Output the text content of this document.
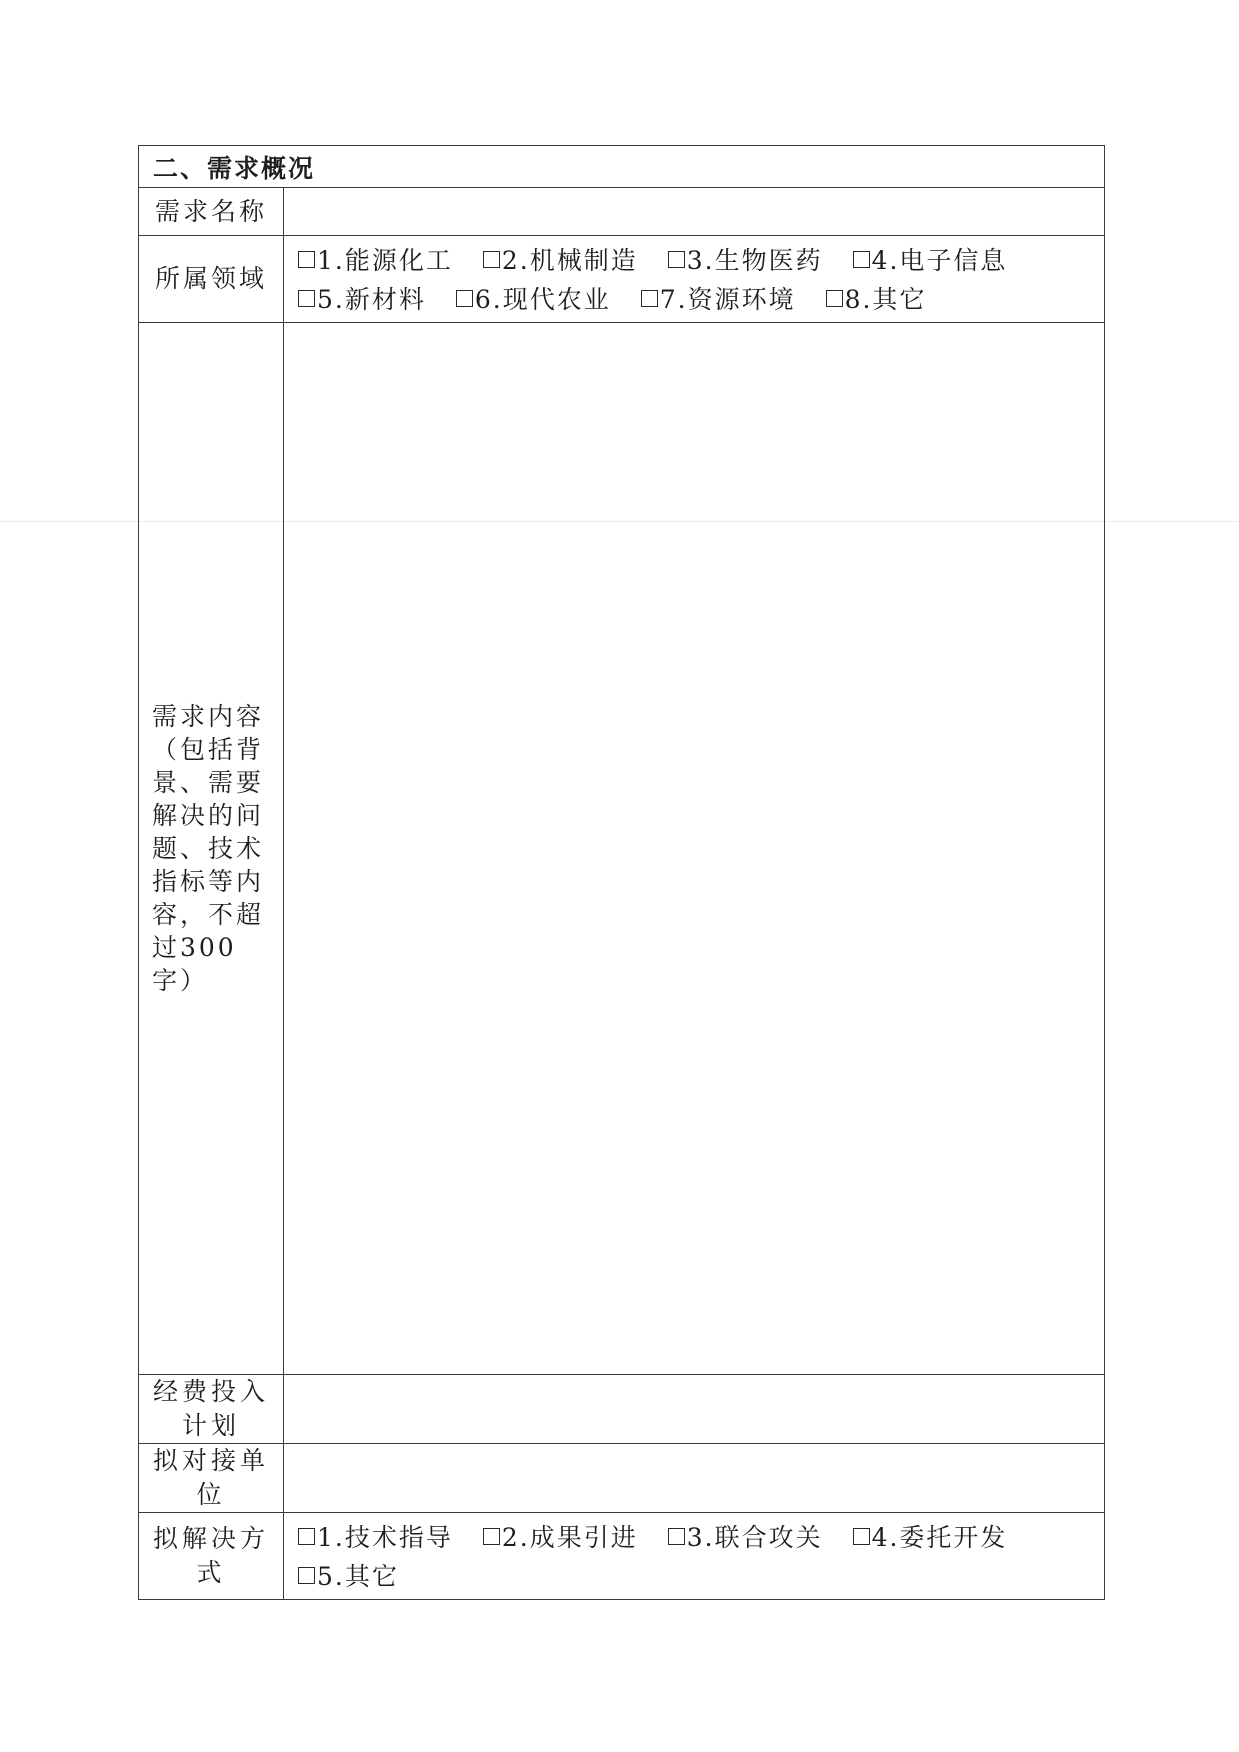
二、需求概况	
需求名称	

所属领域	1.能源化工 2.机械制造 3.生物医药 4.电子信息
5.新材料 6.现代农业 7.资源环境 8.其它

需求内容（包括背景、需要解决的问题、技术指标等内容，不超过300字）	

经费投入计划	

拟对接单位	

拟解决方式	1.技术指导 2.成果引进 3.联合攻关 4.委托开发
5.其它
